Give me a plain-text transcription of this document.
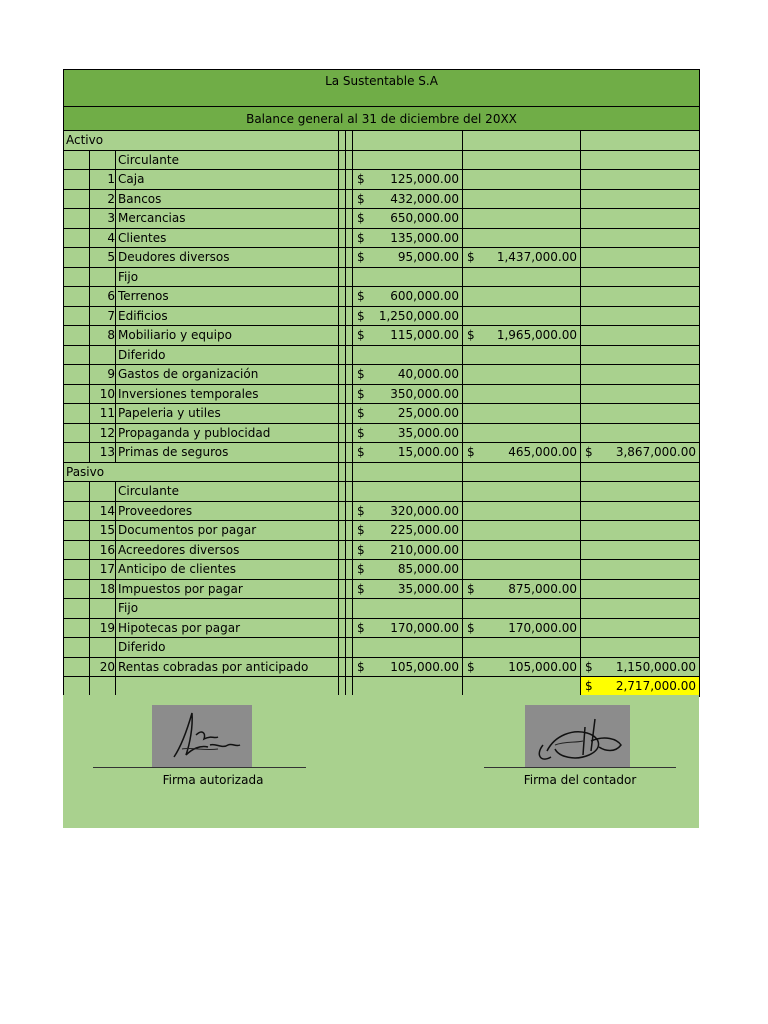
La Sustentable S.A							
Balance general al 31 de diciembre del 20XX							
Activo							
		Circulante					
	1	Caja			$ 125,000.00		
	2	Bancos			$ 432,000.00		
	3	Mercancias			$ 650,000.00		
	4	Clientes			$ 135,000.00		
	5	Deudores diversos			$ 95,000.00	$ 1,437,000.00	
		Fijo					
	6	Terrenos			$ 600,000.00		
	7	Edificios			$ 1,250,000.00		
	8	Mobiliario y equipo			$ 115,000.00	$ 1,965,000.00	
		Diferido					
	9	Gastos de organización			$ 40,000.00		
	10	Inversiones temporales			$ 350,000.00		
	11	Papeleria y utiles			$ 25,000.00		
	12	Propaganda y publocidad			$ 35,000.00		
	13	Primas de seguros			$ 15,000.00	$ 465,000.00	$ 3,867,000.00
Pasivo							
		Circulante					
	14	Proveedores			$ 320,000.00		
	15	Documentos por pagar			$ 225,000.00		
	16	Acreedores diversos			$ 210,000.00		
	17	Anticipo de clientes			$ 85,000.00		
	18	Impuestos por pagar			$ 35,000.00	$ 875,000.00	
		Fijo					
	19	Hipotecas por pagar			$ 170,000.00	$ 170,000.00	
		Diferido					
	20	Rentas cobradas por anticipado			$ 105,000.00	$ 105,000.00	$ 1,150,000.00

							$ 2,717,000.00
Firma autorizada	Firma del contador
